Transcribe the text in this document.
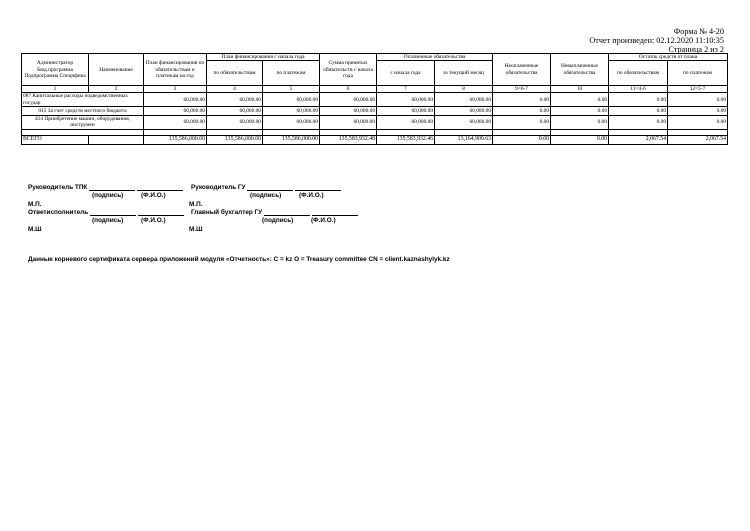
Форма № 4-20
Отчет произведен: 02.12.2020 11:10:35
Страница 2 из 2
Администратор Бюд.программа Подпрограмма Специфика	Наименование	План финансирования по обязательствам и платежам на год	План финансирования с начала года		Сумма принятых обязательств с начала года	Оплаченные обязательства		Неоплаченные обязательства	Невыплаченные обязательства	Остаток средств от плана	
			по обязательствам	по платежам		с начала года	за текущий месяц			по обязательствам	по платежам
1	2	3	4	5	6	7	8	9=6-7	10	11=4-6	12=5-7
087 Капитальные расходы подведомственных государ		60,000.00	60,000.00	60,000.00	60,000.00	60,000.00	60,000.00	0.00	0.00	0.00	0.00
015 За счет средств местного бюджета		60,000.00	60,000.00	60,000.00	60,000.00	60,000.00	60,000.00	0.00	0.00	0.00	0.00
414 Приобретение машин, оборудования, инструмен		60,000.00	60,000.00	60,000.00	60,000.00	60,000.00	60,000.00	0.00	0.00	0.00	0.00

ВСЕГО		135,586,000.00	135,586,000.00	135,586,000.00	135,583,932.48	135,583,932.46	13,164,909.63	0.00	0.00	2,067.54	2,067.54
Руководитель ТПК	Руководитель ГУ
(подпись)	(Ф.И.О.)	(подпись)	(Ф.И.О.)
М.П.	М.П.
Ответисполнитель	Главный бухгалтер ГУ
(подпись)	(Ф.И.О.)	(подпись)	(Ф.И.О.)
М.Ш	М.Ш
Данные корневого сертификата сервера приложений модуля «Отчетность»: C = kz O = Treasury committee CN = client.kaznashylyk.kz
